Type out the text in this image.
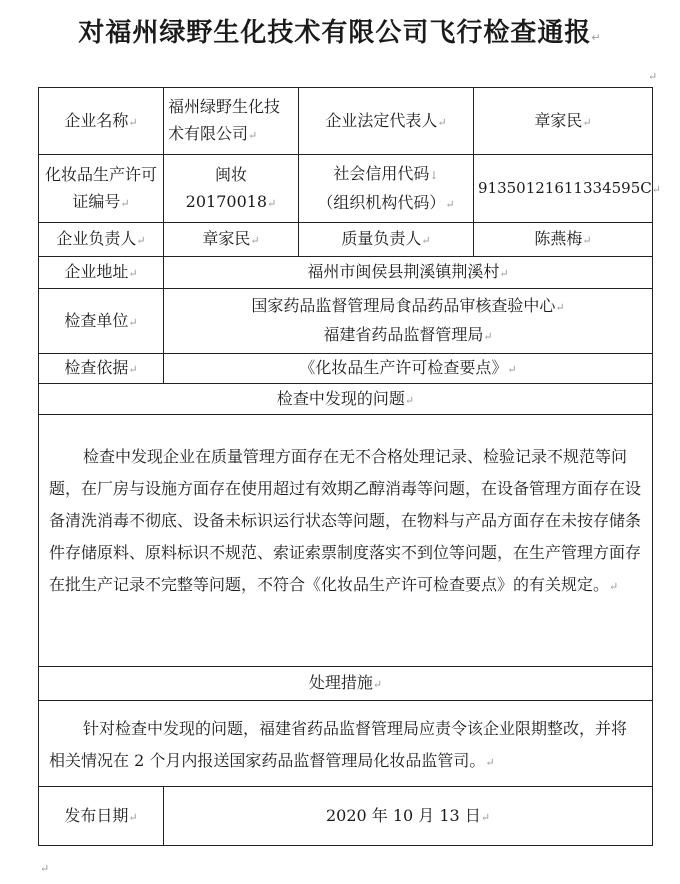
对福州绿野生化技术有限公司飞行检查通报↵
↵
企业名称↵	福州绿野生化技术有限公司↵	企业法定代表人↵	章家民↵
化妆品生产许可证编号↵	闽妆 20170018↵	社会信用代码↓
（组织机构代码）↵	91350121611334595C↵
企业负责人↵	章家民↵	质量负责人↵	陈燕梅↵
企业地址↵	福州市闽侯县荆溪镇荆溪村↵		
检查单位↵	国家药品监督管理局食品药品审核查验中心↵
福建省药品监督管理局↵		
检查依据↵	《化妆品生产许可检查要点》↵		
检查中发现的问题↵			
检查中发现企业在质量管理方面存在无不合格处理记录、检验记录不规范等问题，在厂房与设施方面存在使用超过有效期乙醇消毒等问题，在设备管理方面存在设备清洗消毒不彻底、设备未标识运行状态等问题，在物料与产品方面存在未按存储条件存储原料、原料标识不规范、索证索票制度落实不到位等问题，在生产管理方面存在批生产记录不完整等问题，不符合《化妆品生产许可检查要点》的有关规定。↵			
处理措施↵			
针对检查中发现的问题，福建省药品监督管理局应责令该企业限期整改，并将相关情况在 2 个月内报送国家药品监督管理局化妆品监管司。↵			
发布日期↵	2020 年 10 月 13 日↵		
↵
